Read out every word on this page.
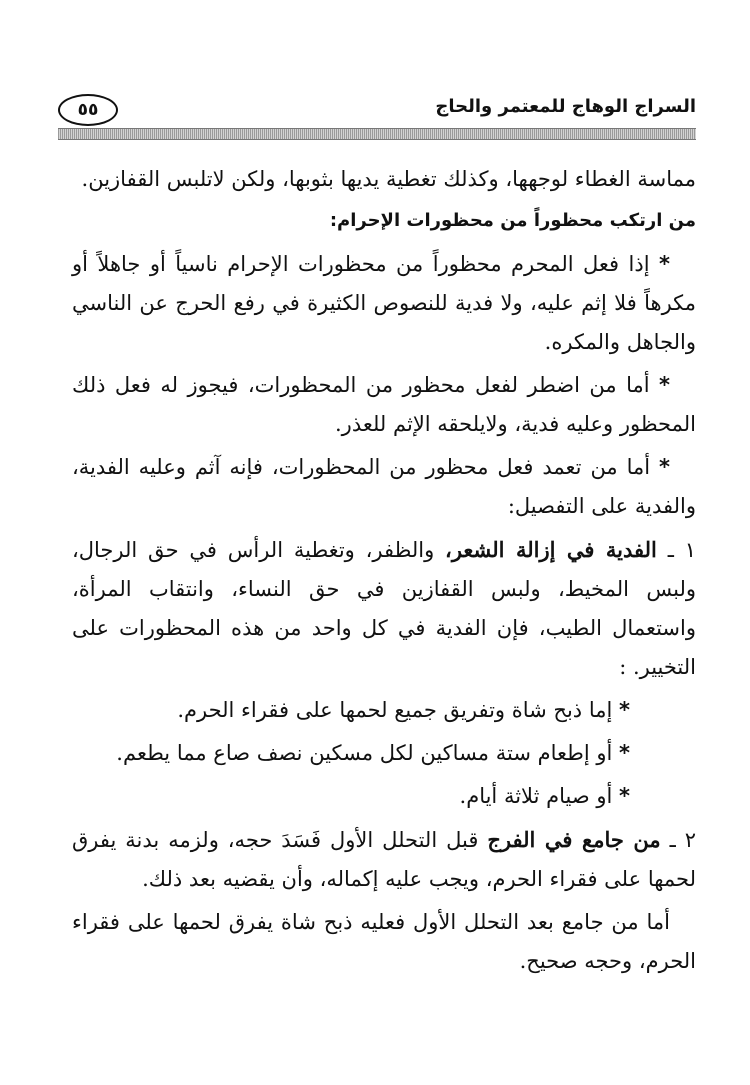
٥٥	السراج الوهاج للمعتمر والحاج

مماسة الغطاء لوجهها، وكذلك تغطية يديها بثوبها، ولكن لاتلبس القفازين.

من ارتكب محظوراً من محظورات الإحرام:

* إذا فعل المحرم محظوراً من محظورات الإحرام ناسياً أو جاهلاً أو مكرهاً فلا إثم عليه، ولا فدية للنصوص الكثيرة في رفع الحرج عن الناسي والجاهل والمكره.

* أما من اضطر لفعل محظور من المحظورات، فيجوز له فعل ذلك المحظور وعليه فدية، ولايلحقه الإثم للعذر.

* أما من تعمد فعل محظور من المحظورات، فإنه آثم وعليه الفدية، والفدية على التفصيل:

١ ـ الفدية في إزالة الشعر، والظفر، وتغطية الرأس في حق الرجال، ولبس المخيط، ولبس القفازين في حق النساء، وانتقاب المرأة، واستعمال الطيب، فإن الفدية في كل واحد من هذه المحظورات على التخيير. :

* إما ذبح شاة وتفريق جميع لحمها على فقراء الحرم.

* أو إطعام ستة مساكين لكل مسكين نصف صاع مما يطعم.

* أو صيام ثلاثة أيام.

٢ ـ من جامع في الفرج قبل التحلل الأول فَسَدَ حجه، ولزمه بدنة يفرق لحمها على فقراء الحرم، ويجب عليه إكماله، وأن يقضيه بعد ذلك.

أما من جامع بعد التحلل الأول فعليه ذبح شاة يفرق لحمها على فقراء الحرم، وحجه صحيح.
